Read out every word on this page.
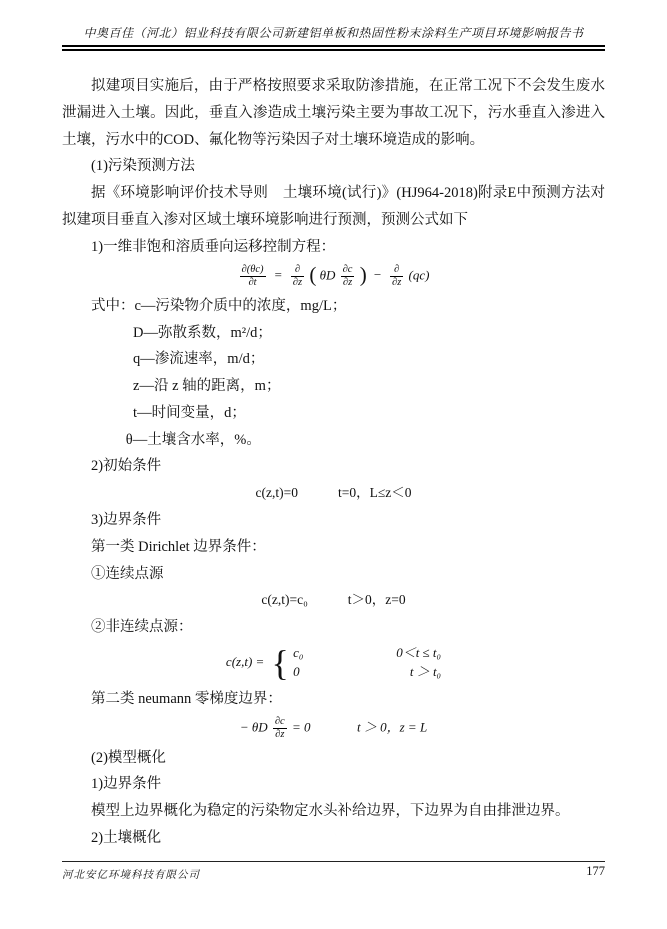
中奥百佳（河北）铝业科技有限公司新建铝单板和热固性粉末涂料生产项目环境影响报告书

拟建项目实施后，由于严格按照要求采取防渗措施，在正常工况下不会发生废水泄漏进入土壤。因此，垂直入渗造成土壤污染主要为事故工况下，污水垂直入渗进入土壤，污水中的COD、氟化物等污染因子对土壤环境造成的影响。

(1)污染预测方法

据《环境影响评价技术导则　土壤环境(试行)》(HJ964-2018)附录E中预测方法对拟建项目垂直入渗对区域土壤环境影响进行预测，预测公式如下

1)一维非饱和溶质垂向运移控制方程：

$\frac{\partial(\theta c)}{\partial t} = \frac{\partial}{\partial z}$ ( θD $\frac{\partial c}{\partial z}$ ) − $\frac{\partial}{\partial z} (qc)$

式中：c—污染物介质中的浓度，mg/L；

D—弥散系数，m²/d；

q—渗流速率，m/d；

z—沿 z 轴的距离，m；

t—时间变量，d；

θ—土壤含水率，%。

2)初始条件

c(z,t)=0	t=0，L≤z＜0

3)边界条件

第一类 Dirichlet 边界条件：

①连续点源

c(z,t)=c₀	t＞0，z=0

②非连续点源：

c(z,t) = { c₀	0＜t ≤ t₀
0	t ＞ t₀

第二类 neumann 零梯度边界：

− θD $\frac{\partial c}{\partial z} = 0$	t ＞ 0，z = L

(2)模型概化

1)边界条件

模型上边界概化为稳定的污染物定水头补给边界，下边界为自由排泄边界。

2)土壤概化

河北安亿环境科技有限公司	177
